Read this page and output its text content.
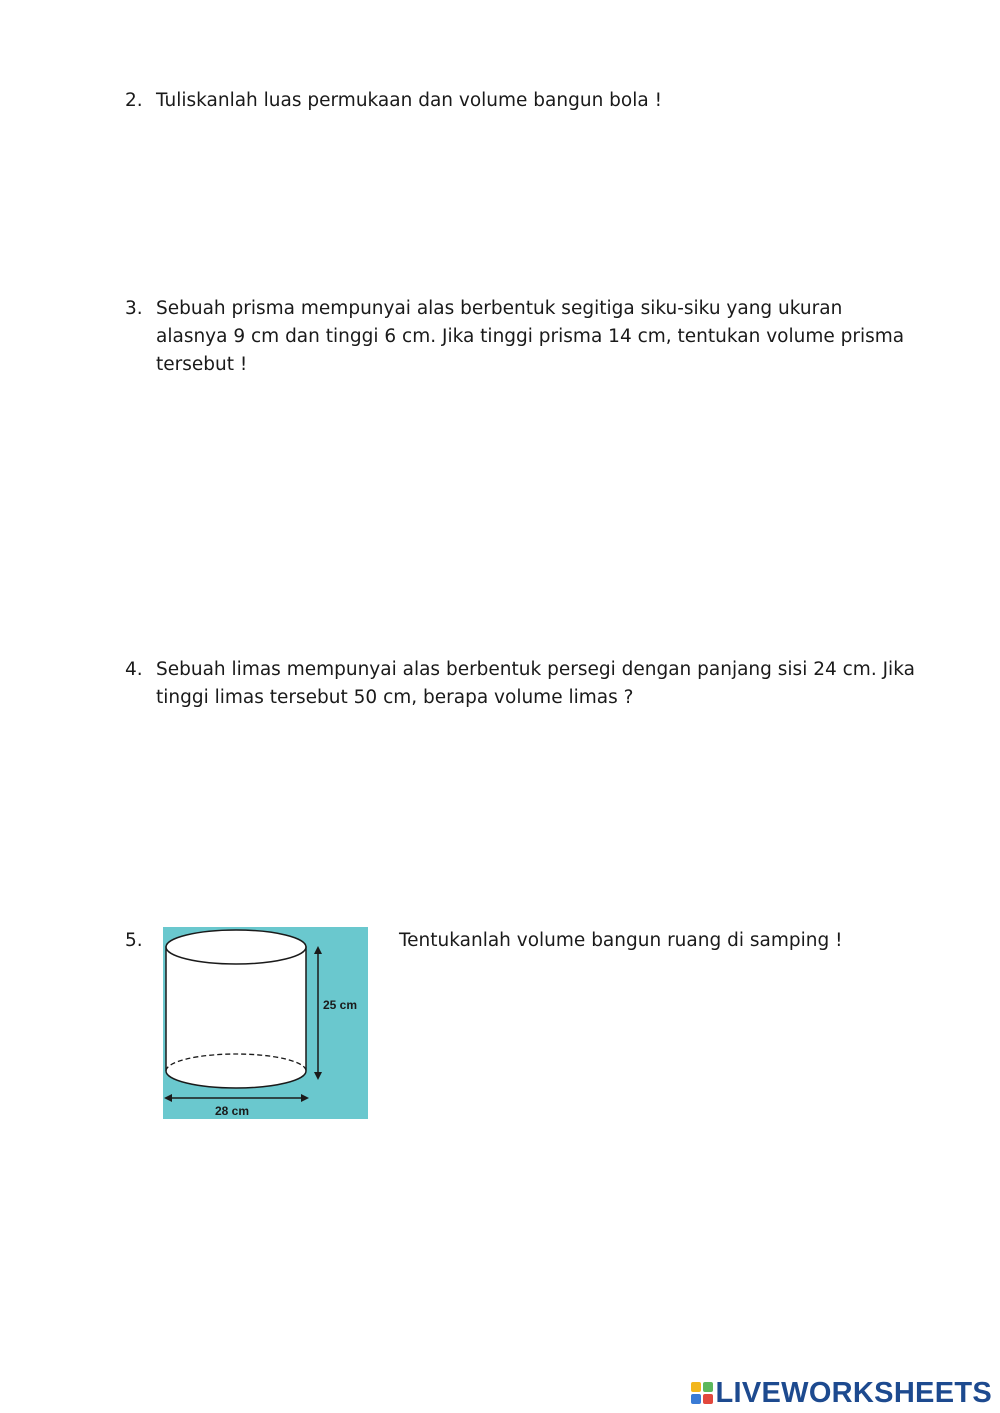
2. Tuliskanlah luas permukaan dan volume bangun bola !
3. Sebuah prisma mempunyai alas berbentuk segitiga siku-siku yang ukuran alasnya 9 cm dan tinggi 6 cm. Jika tinggi prisma 14 cm, tentukan volume prisma tersebut !
4. Sebuah limas mempunyai alas berbentuk persegi dengan panjang sisi 24 cm. Jika tinggi limas tersebut 50 cm, berapa volume limas ?
5.	Tentukanlah volume bangun ruang di samping !
25 cm
28 cm
LIVEWORKSHEETS
